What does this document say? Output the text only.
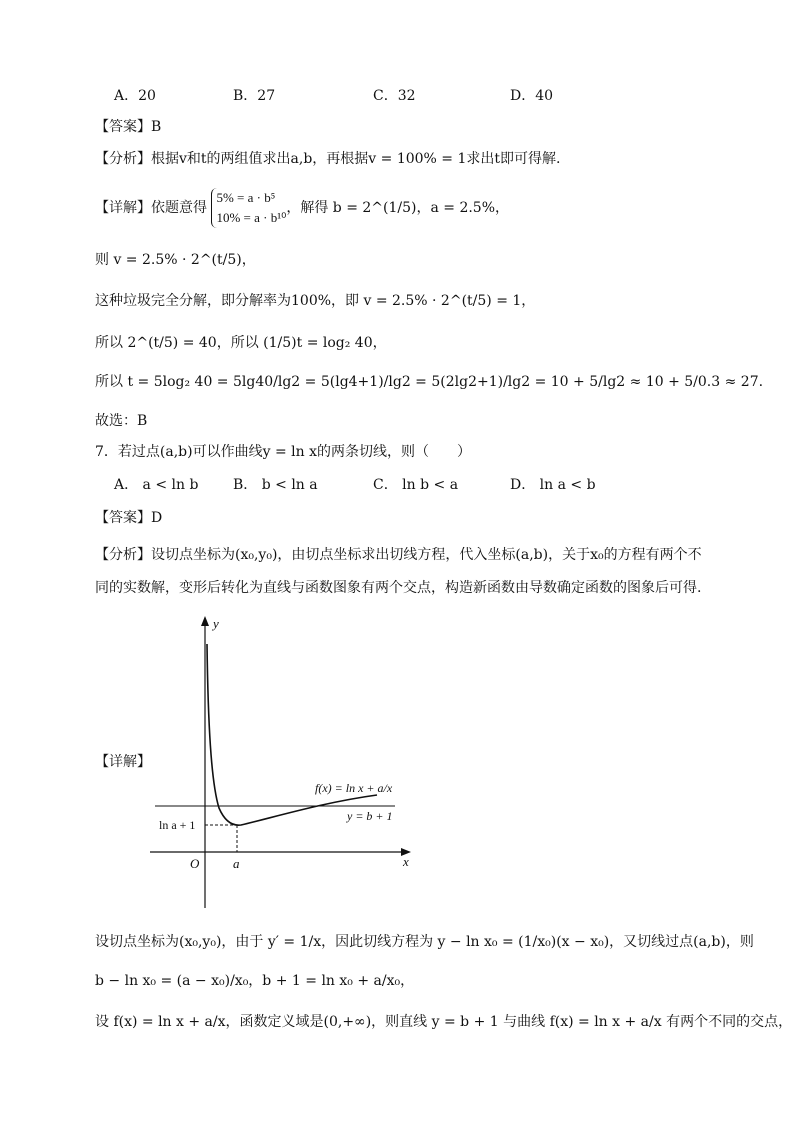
A．20	B．27	C．32	D．40
【答案】B
【分析】根据v和t的两组值求出a,b，再根据v = 100% = 1求出t即可得解.
【详解】依题意得
5% = a · b⁵
10% = a · b¹⁰
，解得 b = 2^(1/5)，a = 2.5%，
则 v = 2.5% · 2^(t/5)，
这种垃圾完全分解，即分解率为100%，即 v = 2.5% · 2^(t/5) = 1，
所以 2^(t/5) = 40，所以 (1/5)t = log₂ 40，
所以 t = 5log₂ 40 = 5lg40/lg2 = 5(lg4+1)/lg2 = 5(2lg2+1)/lg2 = 10 + 5/lg2 ≈ 10 + 5/0.3 ≈ 27.
故选：B
7．若过点(a,b)可以作曲线y = ln x的两条切线，则（　　）
A． a < ln b B． b < ln a	C． ln b < a	D． ln a < b
【答案】D
【分析】设切点坐标为(x₀,y₀)，由切点坐标求出切线方程，代入坐标(a,b)，关于x₀的方程有两个不
同的实数解，变形后转化为直线与函数图象有两个交点，构造新函数由导数确定函数的图象后可得.
【详解】
y
x
O	a
ln a + 1
f(x) = ln x + a/x
y = b + 1
设切点坐标为(x₀,y₀)，由于 y′ = 1/x，因此切线方程为 y − ln x₀ = (1/x₀)(x − x₀)，又切线过点(a,b)，则
b − ln x₀ = (a − x₀)/x₀，b + 1 = ln x₀ + a/x₀，
设 f(x) = ln x + a/x，函数定义域是(0,+∞)，则直线 y = b + 1 与曲线 f(x) = ln x + a/x 有两个不同的交点，
